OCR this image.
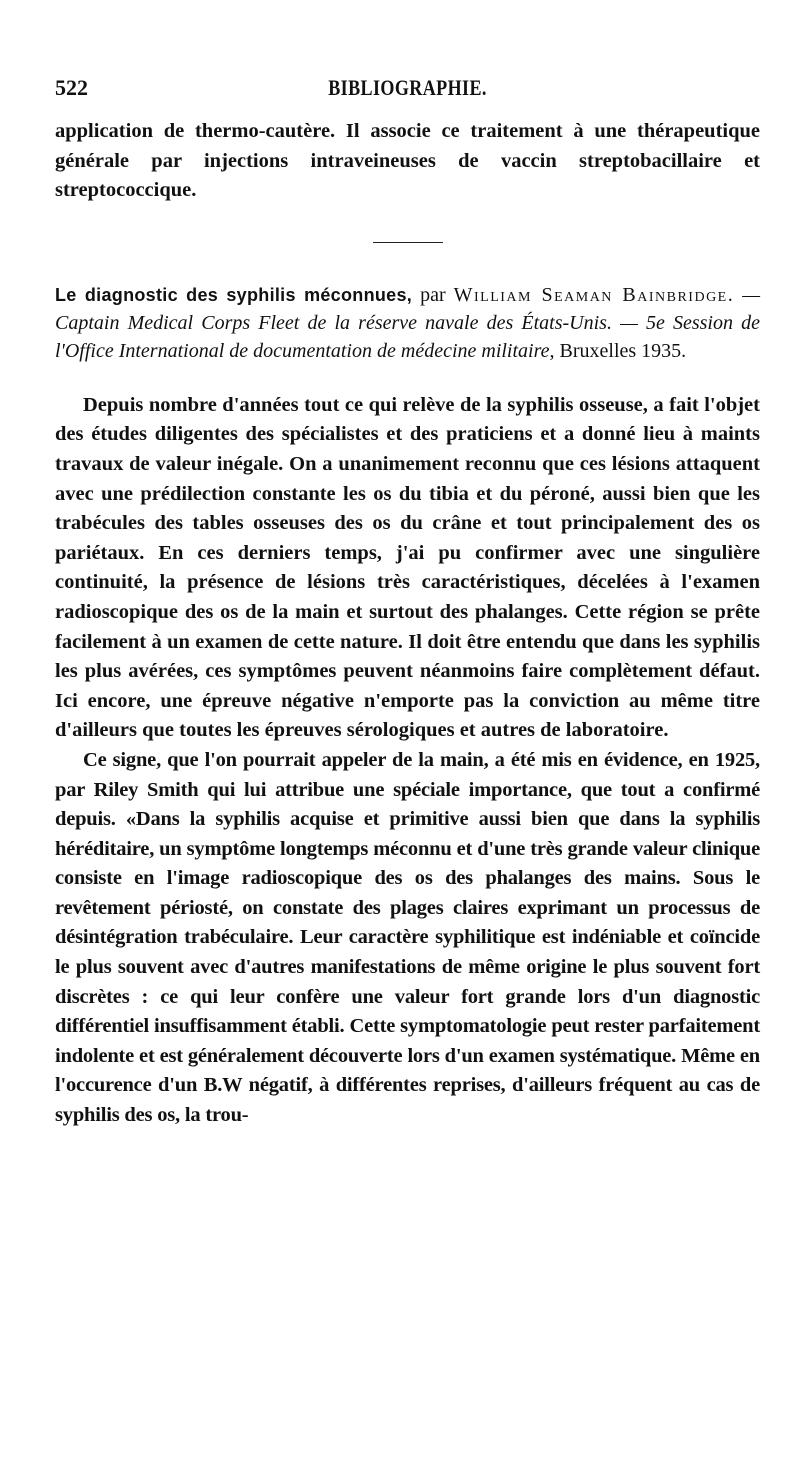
522	BIBLIOGRAPHIE.

application de thermo-cautère. Il associe ce traitement à une thérapeutique générale par injections intraveineuses de vaccin streptobacillaire et streptococcique.

Le diagnostic des syphilis méconnues, par William Seaman Bainbridge. — Captain Medical Corps Fleet de la réserve navale des États-Unis. — 5e Session de l'Office International de documentation de médecine militaire, Bruxelles 1935.

Depuis nombre d'années tout ce qui relève de la syphilis osseuse, a fait l'objet des études diligentes des spécialistes et des praticiens et a donné lieu à maints travaux de valeur inégale. On a unanimement reconnu que ces lésions attaquent avec une prédilection constante les os du tibia et du péroné, aussi bien que les trabécules des tables osseuses des os du crâne et tout principalement des os pariétaux. En ces derniers temps, j'ai pu confirmer avec une singulière continuité, la présence de lésions très caractéristiques, décelées à l'examen radioscopique des os de la main et surtout des phalanges. Cette région se prête facilement à un examen de cette nature. Il doit être entendu que dans les syphilis les plus avérées, ces symptômes peuvent néanmoins faire complètement défaut. Ici encore, une épreuve négative n'emporte pas la conviction au même titre d'ailleurs que toutes les épreuves sérologiques et autres de laboratoire.

Ce signe, que l'on pourrait appeler de la main, a été mis en évidence, en 1925, par Riley Smith qui lui attribue une spéciale importance, que tout a confirmé depuis. «Dans la syphilis acquise et primitive aussi bien que dans la syphilis héréditaire, un symptôme longtemps méconnu et d'une très grande valeur clinique consiste en l'image radioscopique des os des phalanges des mains. Sous le revêtement périosté, on constate des plages claires exprimant un processus de désintégration trabéculaire. Leur caractère syphilitique est indéniable et coïncide le plus souvent avec d'autres manifestations de même origine le plus souvent fort discrètes : ce qui leur confère une valeur fort grande lors d'un diagnostic différentiel insuffisamment établi. Cette symptomatologie peut rester parfaitement indolente et est généralement découverte lors d'un examen systématique. Même en l'occurence d'un B.W négatif, à différentes reprises, d'ailleurs fréquent au cas de syphilis des os, la trou-
